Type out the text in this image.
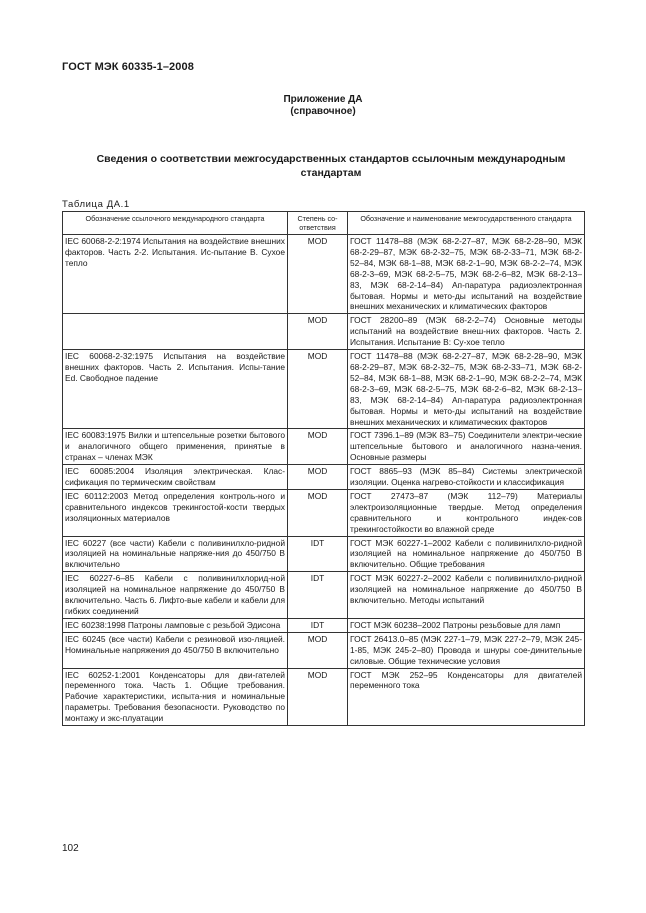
ГОСТ МЭК 60335-1–2008
Приложение ДА
(справочное)
Сведения о соответствии межгосударственных стандартов ссылочным международным стандартам
Таблица ДА.1
Обозначение ссылочного международного стандарта	Степень со-ответствия	Обозначение и наименование межгосударственного стандарта
IEC 60068-2-2:1974 Испытания на воздействие внешних факторов. Часть 2-2. Испытания. Ис-пытание В. Сухое тепло	MOD	ГОСТ 11478–88 (МЭК 68-2-27–87, МЭК 68-2-28–90, МЭК 68-2-29–87, МЭК 68-2-32–75, МЭК 68-2-33–71, МЭК 68-2-52–84, МЭК 68-1–88, МЭК 68-2-1–90, МЭК 68-2-2–74, МЭК 68-2-3–69, МЭК 68-2-5–75, МЭК 68-2-6–82, МЭК 68-2-13–83, МЭК 68-2-14–84) Ап-паратура радиоэлектронная бытовая. Нормы и мето-ды испытаний на воздействие внешних механических и климатических факторов
	MOD	ГОСТ 28200–89 (МЭК 68-2-2–74) Основные методы испытаний на воздействие внеш-них факторов. Часть 2. Испытания. Испытание В: Су-хое тепло
IEC 60068-2-32:1975 Испытания на воздействие внешних факторов. Часть 2. Испытания. Испы-тание Ed. Свободное падение	MOD	ГОСТ 11478–88 (МЭК 68-2-27–87, МЭК 68-2-28–90, МЭК 68-2-29–87, МЭК 68-2-32–75, МЭК 68-2-33–71, МЭК 68-2-52–84, МЭК 68-1–88, МЭК 68-2-1–90, МЭК 68-2-2–74, МЭК 68-2-3–69, МЭК 68-2-5–75, МЭК 68-2-6–82, МЭК 68-2-13–83, МЭК 68-2-14–84) Ап-паратура радиоэлектронная бытовая. Нормы и мето-ды испытаний на воздействие внешних механических и климатических факторов
IEC 60083:1975 Вилки и штепсельные розетки бытового и аналогичного общего применения, принятые в странах – членах МЭК	MOD	ГОСТ 7396.1–89 (МЭК 83–75) Соединители электри-ческие штепсельные бытового и аналогичного назна-чения. Основные размеры
IEC 60085:2004 Изоляция электрическая. Клас-сификация по термическим свойствам	MOD	ГОСТ 8865–93 (МЭК 85–84) Системы электрической изоляции. Оценка нагрево-стойкости и классификация
IEC 60112:2003 Метод определения контроль-ного и сравнительного индексов трекингостой-кости твердых изоляционных материалов	MOD	ГОСТ 27473–87 (МЭК 112–79) Материалы электроизоляционные твердые. Метод определения сравнительного и контрольного индек-сов трекингостойкости во влажной среде
IEC 60227 (все части) Кабели с поливинилхло-ридной изоляцией на номинальные напряже-ния до 450/750 В включительно	IDT	ГОСТ МЭК 60227-1–2002 Кабели с поливинилхло-ридной изоляцией на номинальное напряжение до 450/750 В включительно. Общие требования
IEC 60227-6–85 Кабели с поливинилхлорид-ной изоляцией на номинальное напряжение до 450/750 В включительно. Часть 6. Лифто-вые кабели и кабели для гибких соединений	IDT	ГОСТ МЭК 60227-2–2002 Кабели с поливинилхло-ридной изоляцией на номинальное напряжение до 450/750 В включительно. Методы испытаний
IEC 60238:1998 Патроны ламповые с резьбой Эдисона	IDT	ГОСТ МЭК 60238–2002 Патроны резьбовые для ламп
IEC 60245 (все части) Кабели с резиновой изо-ляцией. Номинальные напряжения до 450/750 В включительно	MOD	ГОСТ 26413.0–85 (МЭК 227-1–79, МЭК 227-2–79, МЭК 245-1-85, МЭК 245-2–80) Провода и шнуры сое-динительные силовые. Общие технические условия
IEC 60252-1:2001 Конденсаторы для дви-гателей переменного тока. Часть 1. Общие требования. Рабочие характеристики, испыта-ния и номинальные параметры. Требования безопасности. Руководство по монтажу и экс-плуатации	MOD	ГОСТ МЭК 252–95 Конденсаторы для двигателей переменного тока
102
